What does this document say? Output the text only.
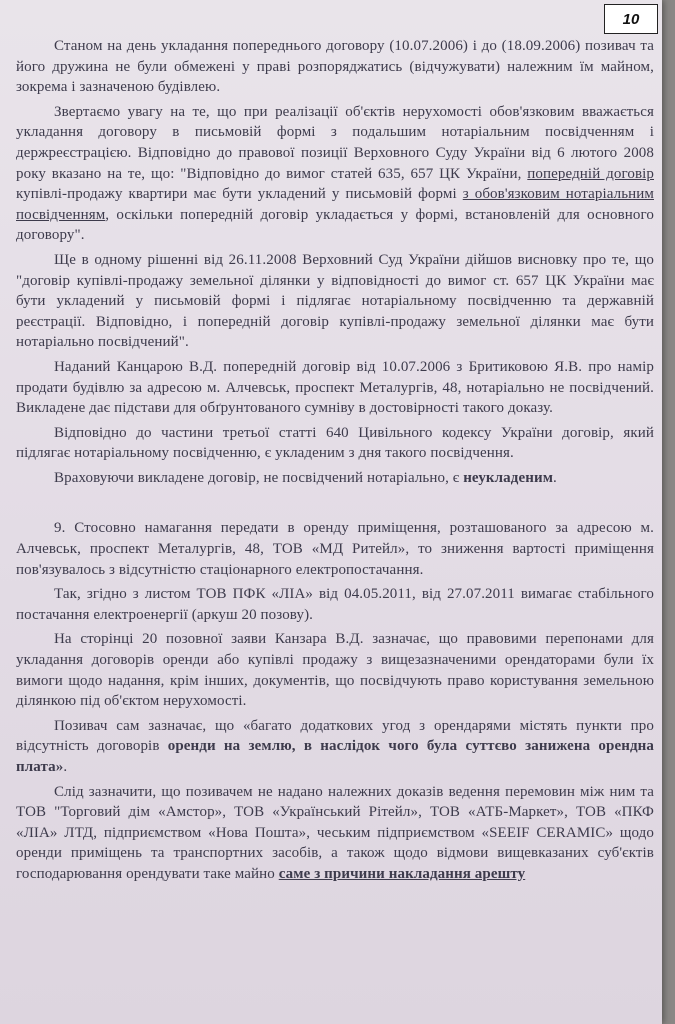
10

Станом на день укладання попереднього договору (10.07.2006) і до (18.09.2006) позивач та його дружина не були обмежені у праві розпоряджатись (відчужувати) належним їм майном, зокрема і зазначеною будівлею.

Звертаємо увагу на те, що при реалізації об'єктів нерухомості обов'язковим вважається укладання договору в письмовій формі з подальшим нотаріальним посвідченням і держреєстрацією. Відповідно до правової позиції Верховного Суду України від 6 лютого 2008 року вказано на те, що: "Відповідно до вимог статей 635, 657 ЦК України, попередній договір купівлі-продажу квартири має бути укладений у письмовій формі з обов'язковим нотаріальним посвідченням, оскільки попередній договір укладається у формі, встановленій для основного договору".

Ще в одному рішенні від 26.11.2008 Верховний Суд України дійшов висновку про те, що "договір купівлі-продажу земельної ділянки у відповідності до вимог ст. 657 ЦК України має бути укладений у письмовій формі і підлягає нотаріальному посвідченню та державній реєстрації. Відповідно, і попередній договір купівлі-продажу земельної ділянки має бути нотаріально посвідчений".

Наданий Канцарою В.Д. попередній договір від 10.07.2006 з Бритиковою Я.В. про намір продати будівлю за адресою м. Алчевськ, проспект Металургів, 48, нотаріально не посвідчений. Викладене дає підстави для обґрунтованого сумніву в достовірності такого доказу.

Відповідно до частини третьої статті 640 Цивільного кодексу України договір, який підлягає нотаріальному посвідченню, є укладеним з дня такого посвідчення.

Враховуючи викладене договір, не посвідчений нотаріально, є неукладеним.

9. Стосовно намагання передати в оренду приміщення, розташованого за адресою м. Алчевськ, проспект Металургів, 48, ТОВ «МД Ритейл», то зниження вартості приміщення пов'язувалось з відсутністю стаціонарного електропостачання.

Так, згідно з листом ТОВ ПФК «ЛІА» від 04.05.2011, від 27.07.2011 вимагає стабільного постачання електроенергії (аркуш 20 позову).

На сторінці 20 позовної заяви Канзара В.Д. зазначає, що правовими перепонами для укладання договорів оренди або купівлі продажу з вищезазначеними орендаторами були їх вимоги щодо надання, крім інших, документів, що посвідчують право користування земельною ділянкою під об'єктом нерухомості.

Позивач сам зазначає, що «багато додаткових угод з орендарями містять пункти про відсутність договорів оренди на землю, в наслідок чого була суттєво занижена орендна плата».

Слід зазначити, що позивачем не надано належних доказів ведення перемовин між ним та ТОВ "Торговий дім «Амстор», ТОВ «Український Рітейл», ТОВ «АТБ-Маркет», ТОВ «ПКФ «ЛІА» ЛТД, підприємством «Нова Пошта», чеським підприємством «SEEIF CERAMIC» щодо оренди приміщень та транспортних засобів, а також щодо відмови вищевказаних суб'єктів господарювання орендувати таке майно саме з причини накладання арешту
